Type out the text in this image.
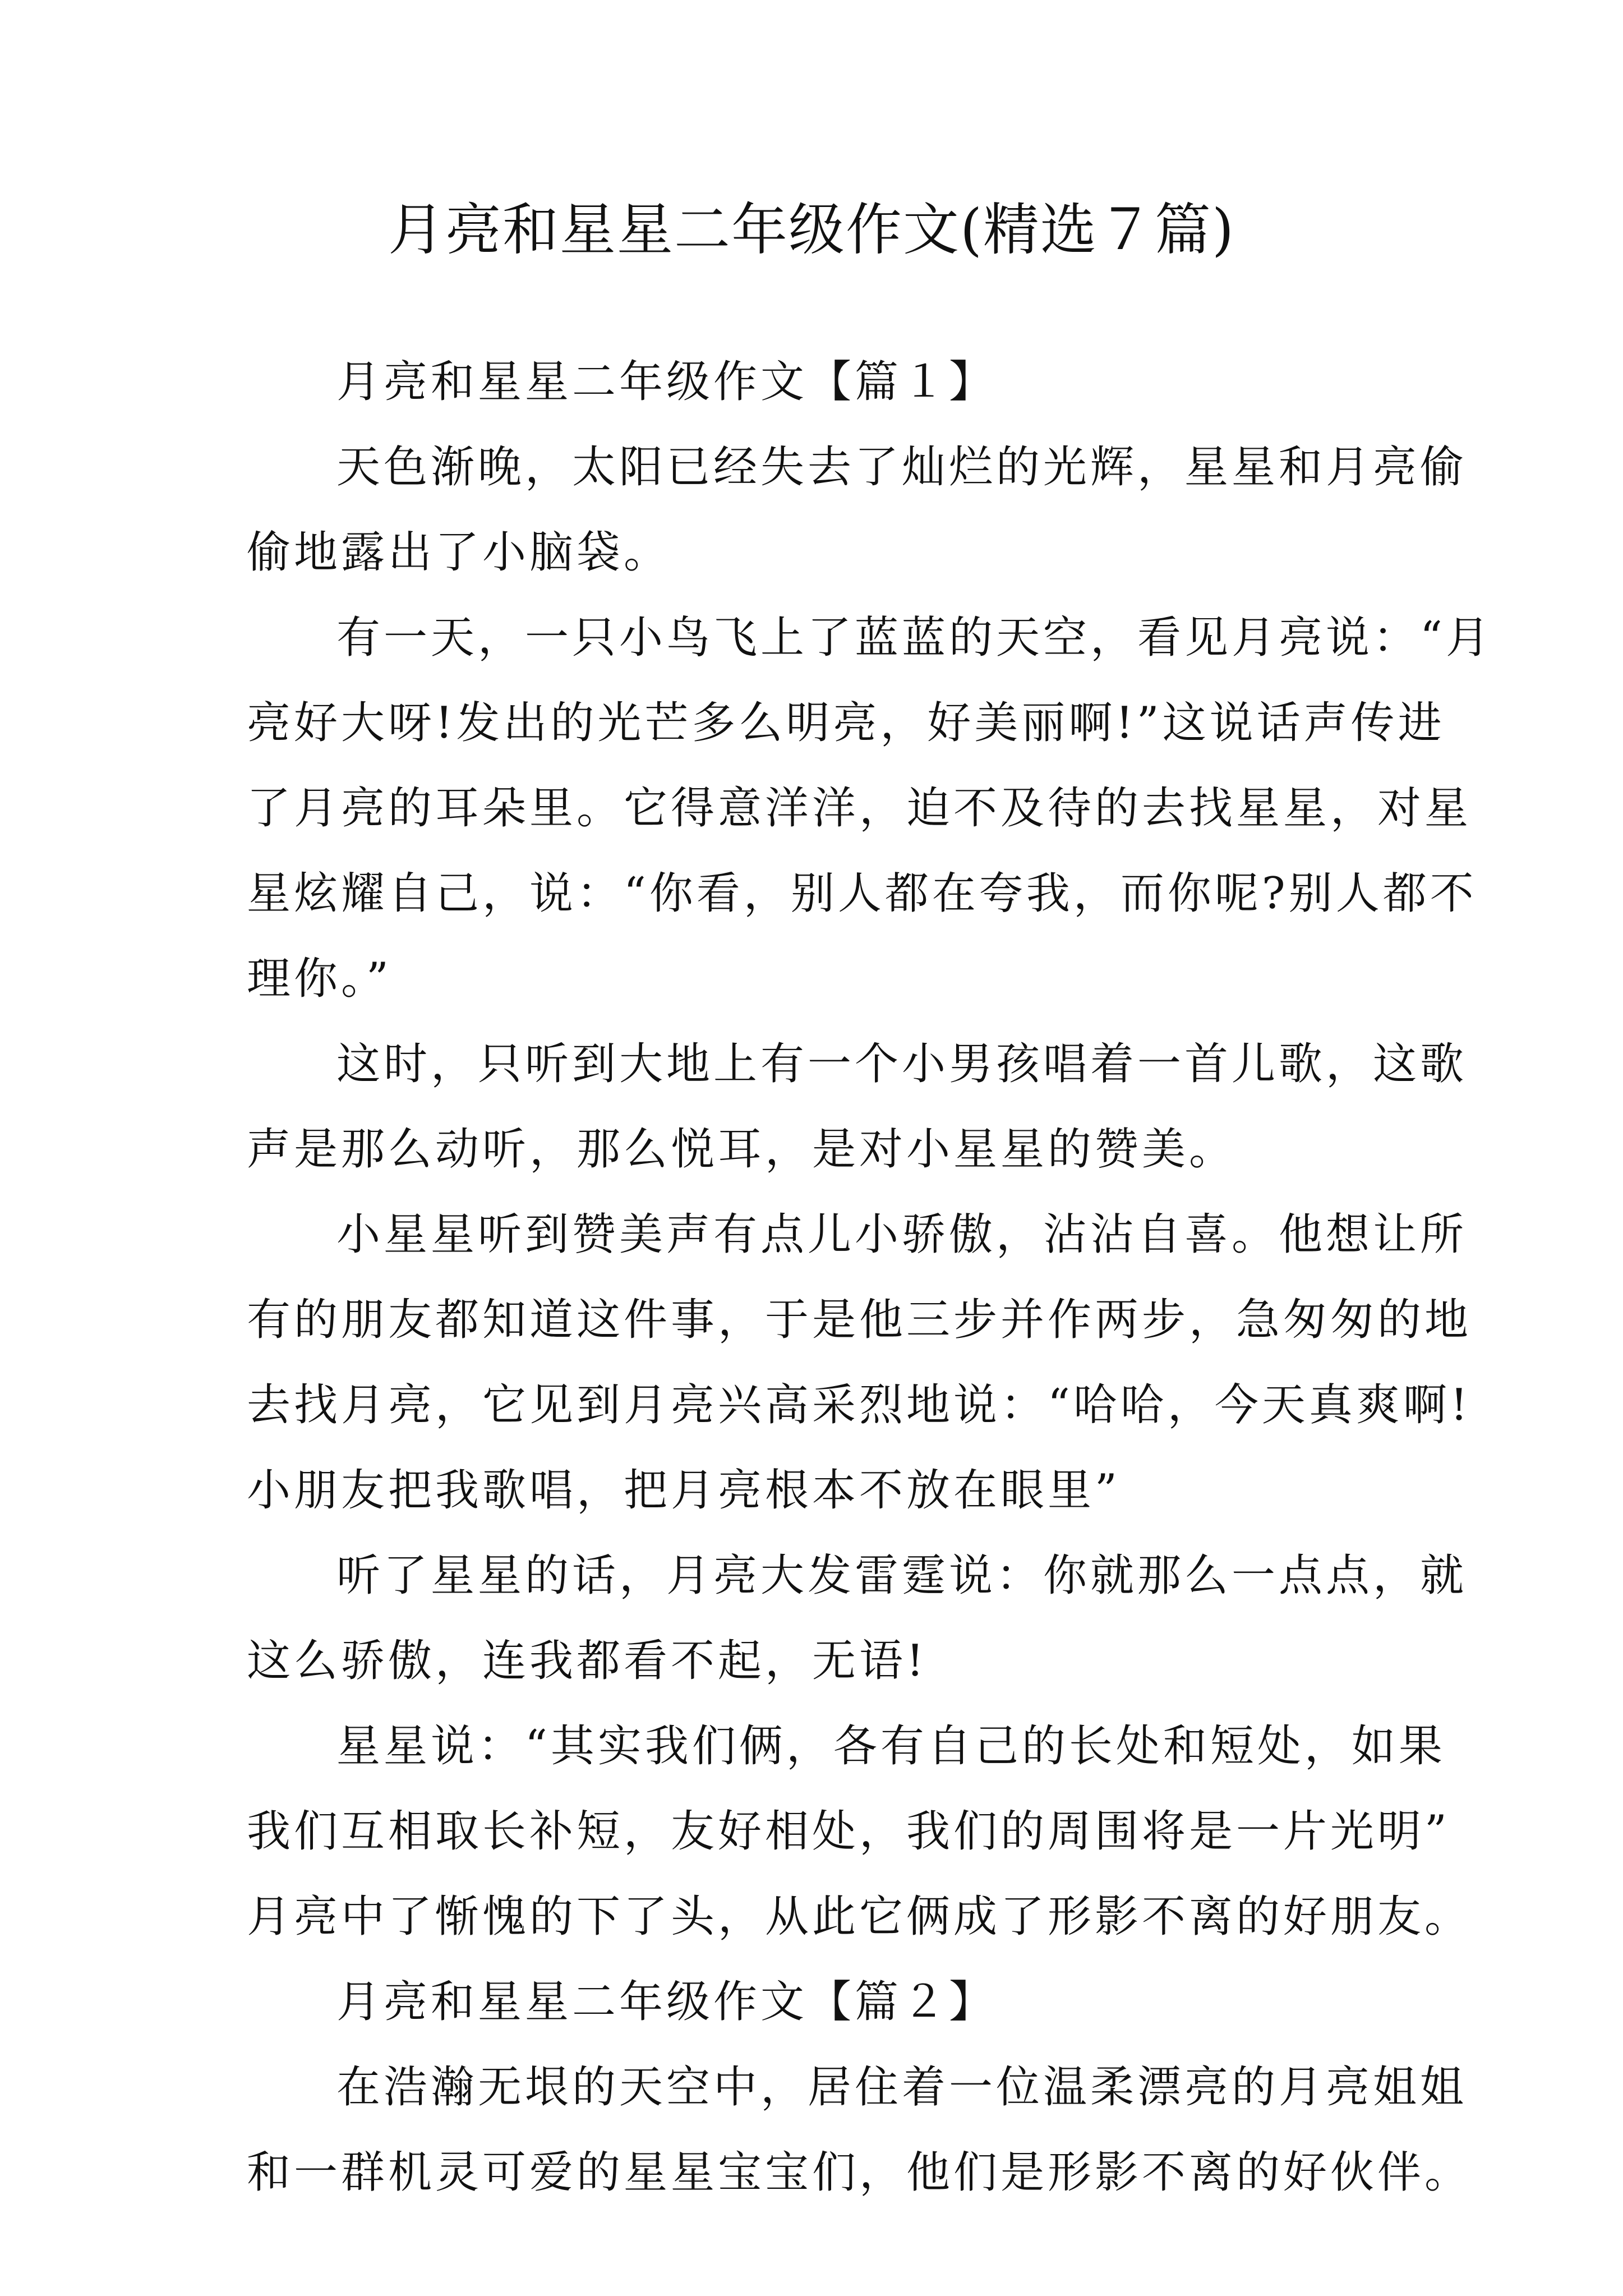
月亮和星星二年级作文(精选７篇)
月亮和星星二年级作文【篇１】
天色渐晚，太阳已经失去了灿烂的光辉，星星和月亮偷
偷地露出了小脑袋。
有一天，一只小鸟飞上了蓝蓝的天空，看见月亮说：“月
亮好大呀!发出的光芒多么明亮，好美丽啊!”这说话声传进
了月亮的耳朵里。它得意洋洋，迫不及待的去找星星，对星
星炫耀自己，说：“你看，别人都在夸我，而你呢?别人都不
理你。”
这时，只听到大地上有一个小男孩唱着一首儿歌，这歌
声是那么动听，那么悦耳，是对小星星的赞美。
小星星听到赞美声有点儿小骄傲，沾沾自喜。他想让所
有的朋友都知道这件事，于是他三步并作两步，急匆匆的地
去找月亮，它见到月亮兴高采烈地说：“哈哈，今天真爽啊!
小朋友把我歌唱，把月亮根本不放在眼里”
听了星星的话，月亮大发雷霆说：你就那么一点点，就
这么骄傲，连我都看不起，无语!
星星说：“其实我们俩，各有自己的长处和短处，如果
我们互相取长补短，友好相处，我们的周围将是一片光明”
月亮中了惭愧的下了头，从此它俩成了形影不离的好朋友。
月亮和星星二年级作文【篇２】
在浩瀚无垠的天空中，居住着一位温柔漂亮的月亮姐姐
和一群机灵可爱的星星宝宝们，他们是形影不离的好伙伴。
